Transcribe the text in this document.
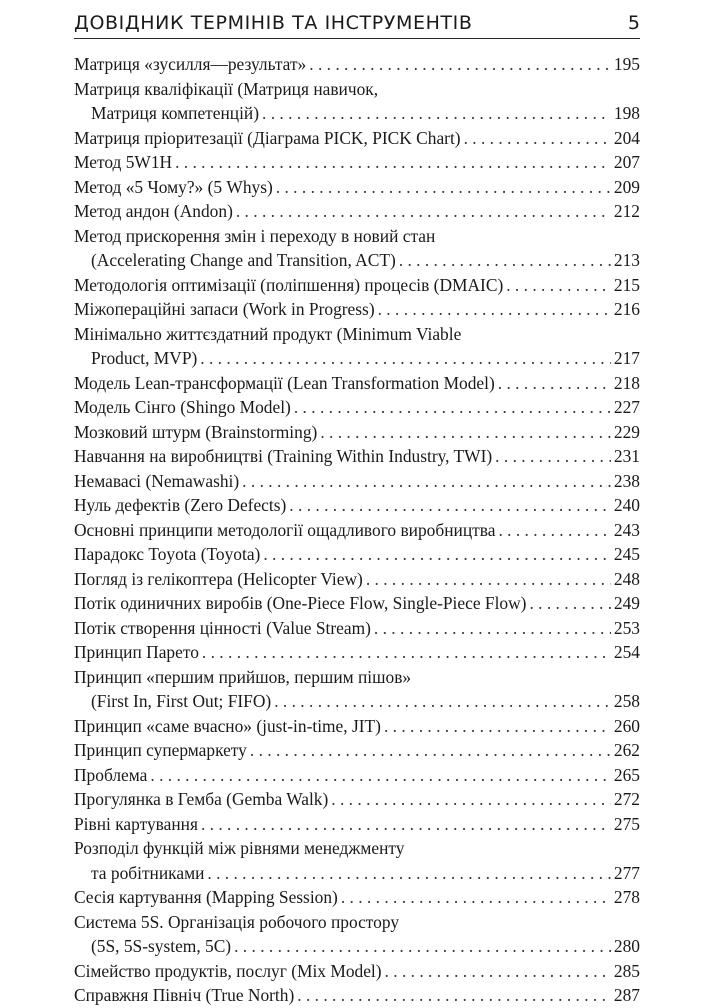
ДОВІДНИК ТЕРМІНІВ ТА ІНСТРУМЕНТІВ	5
Матриця «зусилля—результат» . . .	195
Матриця кваліфікації (Матриця навичок,
Матриця компетенцій) . . .	198
Матриця пріоритезації (Діаграма PICK, PICK Chart) . . .	204
Метод 5W1H . . .	207
Метод «5 Чому?» (5 Whys) . . .	209
Метод андон (Andon) . . .	212
Метод прискорення змін і переходу в новий стан
(Accelerating Change and Transition, ACT) . . .	213
Методологія оптимізації (поліпшення) процесів (DMAIC) . . .	215
Міжопераційні запаси (Work in Progress) . . .	216
Мінімально життєздатний продукт (Minimum Viable
Product, MVP) . . .	217
Модель Lean-трансформації (Lean Transformation Model) . . .	218
Модель Сінго (Shingo Model) . . .	227
Мозковий штурм (Brainstorming) . . .	229
Навчання на виробництві (Training Within Industry, TWI) . . .	231
Немавасі (Nemawashi) . . .	238
Нуль дефектів (Zero Defects) . . .	240
Основні принципи методології ощадливого виробництва . . .	243
Парадокс Toyota (Toyota) . . .	245
Погляд із гелікоптера (Helicopter View) . . .	248
Потік одиничних виробів (One-Piece Flow, Single-Piece Flow) . . .	249
Потік створення цінності (Value Stream) . . .	253
Принцип Парето . . .	254
Принцип «першим прийшов, першим пішов»
(First In, First Out; FIFO) . . .	258
Принцип «саме вчасно» (just-in-time, JIT) . . .	260
Принцип супермаркету . . .	262
Проблема . . .	265
Прогулянка в Гемба (Gemba Walk) . . .	272
Рівні картування . . .	275
Розподіл функцій між рівнями менеджменту
та робітниками . . .	277
Сесія картування (Mapping Session) . . .	278
Система 5S. Організація робочого простору
(5S, 5S-system, 5C) . . .	280
Сімейство продуктів, послуг (Mix Model) . . .	285
Справжня Північ (True North) . . .	287
